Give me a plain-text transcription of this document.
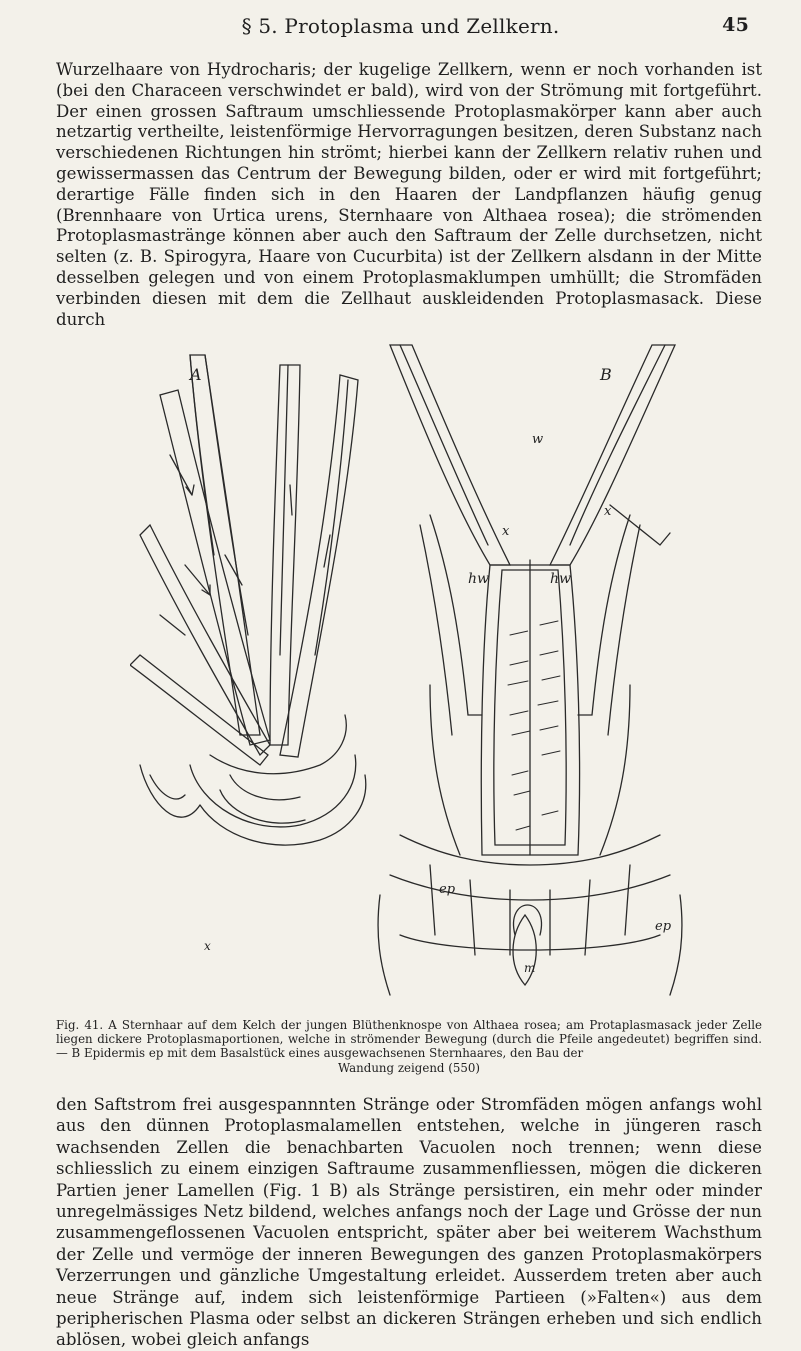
§ 5. Protoplasma und Zellkern.	45

Wurzelhaare von Hydrocharis; der kugelige Zellkern, wenn er noch vorhanden ist (bei den Characeen verschwindet er bald), wird von der Strömung mit fortgeführt. Der einen grossen Saftraum umschliessende Protoplasmakörper kann aber auch netzartig vertheilte, leistenförmige Hervorragungen besitzen, deren Substanz nach verschiedenen Richtungen hin strömt; hierbei kann der Zellkern relativ ruhen und gewissermassen das Centrum der Bewegung bilden, oder er wird mit fortgeführt; derartige Fälle finden sich in den Haaren der Landpflanzen häufig genug (Brennhaare von Urtica urens, Sternhaare von Althaea rosea); die strömenden Protoplasmastränge können aber auch den Saftraum der Zelle durchsetzen, nicht selten (z. B. Spirogyra, Haare von Cucurbita) ist der Zellkern alsdann in der Mitte desselben gelegen und von einem Protoplasmaklumpen umhüllt; die Stromfäden verbinden diesen mit dem die Zellhaut auskleidenden Protoplasmasack. Diese durch

A	B
w
x
x
x
hw	hw
ep
ep
m
Fig. 41. A Sternhaar auf dem Kelch der jungen Blüthenknospe von Althaea rosea; am Protaplasmasack jeder Zelle liegen dickere Protoplasmaportionen, welche in strömender Bewegung (durch die Pfeile angedeutet) begriffen sind. — B Epidermis ep mit dem Basalstück eines ausgewachsenen Sternhaares, den Bau der
Wandung zeigend (550)

den Saftstrom frei ausgespannnten Stränge oder Stromfäden mögen anfangs wohl aus den dünnen Protoplasmalamellen entstehen, welche in jüngeren rasch wachsenden Zellen die benachbarten Vacuolen noch trennen; wenn diese schliesslich zu einem einzigen Saftraume zusammenfliessen, mögen die dickeren Partien jener Lamellen (Fig. 1 B) als Stränge persistiren, ein mehr oder minder unregelmässiges Netz bildend, welches anfangs noch der Lage und Grösse der nun zusammengeflossenen Vacuolen entspricht, später aber bei weiterem Wachsthum der Zelle und vermöge der inneren Bewegungen des ganzen Protoplasmakörpers Verzerrungen und gänzliche Umgestaltung erleidet. Ausserdem treten aber auch neue Stränge auf, indem sich leistenförmige Partieen (»Falten«) aus dem peripherischen Plasma oder selbst an dickeren Strängen erheben und sich endlich ablösen, wobei gleich anfangs
